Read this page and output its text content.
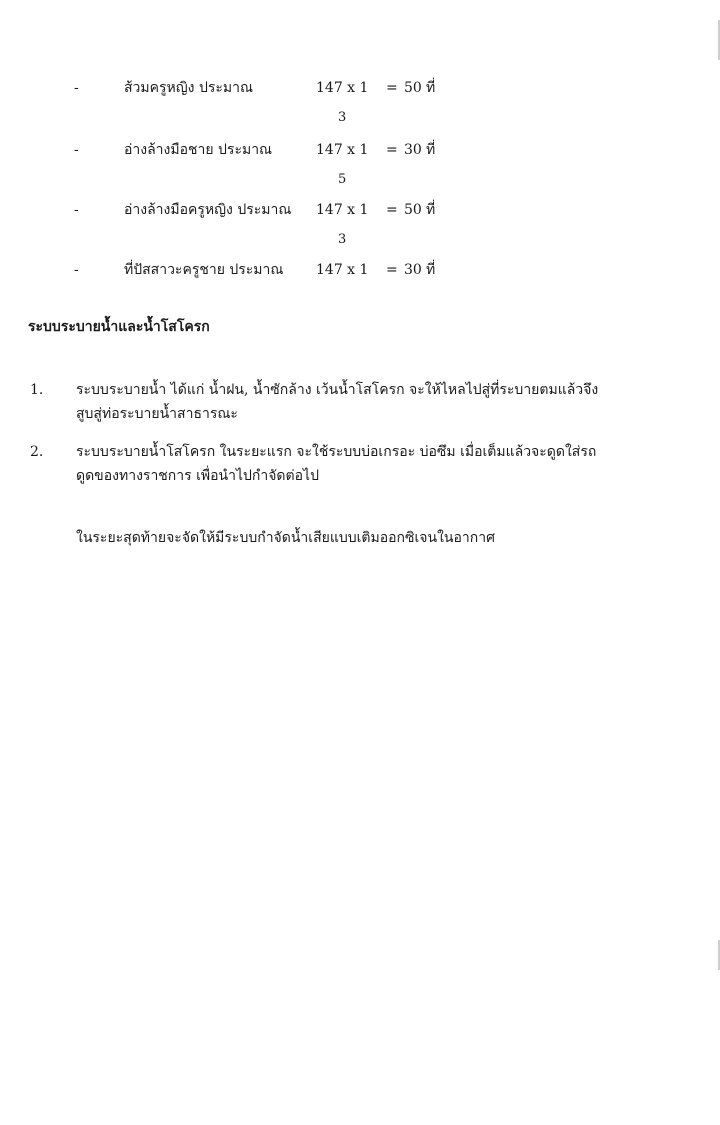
-	ส้วมครูหญิง ประมาณ	147 x 1 = 50 ที่
3
-	อ่างล้างมือชาย ประมาณ	147 x 1 = 30 ที่
5
-	อ่างล้างมือครูหญิง ประมาณ 147 x 1 = 50 ที่
3
-	ที่ปัสสาวะครูชาย ประมาณ 147 x 1 = 30 ที่
ระบบระบายน้ำและน้ำโสโครก
1. ระบบระบายน้ำ ได้แก่ น้ำฝน, น้ำซักล้าง เว้นน้ำโสโครก จะให้ไหลไปสู่ที่ระบายตมแล้วจึง
สูบสู่ท่อระบายน้ำสาธารณะ
2. ระบบระบายน้ำโสโครก ในระยะแรก จะใช้ระบบบ่อเกรอะ บ่อซึม เมื่อเต็มแล้วจะดูดใส่รถ
ดูดของทางราชการ เพื่อนำไปกำจัดต่อไป
ในระยะสุดท้ายจะจัดให้มีระบบกำจัดน้ำเสียแบบเติมออกซิเจนในอากาศ
